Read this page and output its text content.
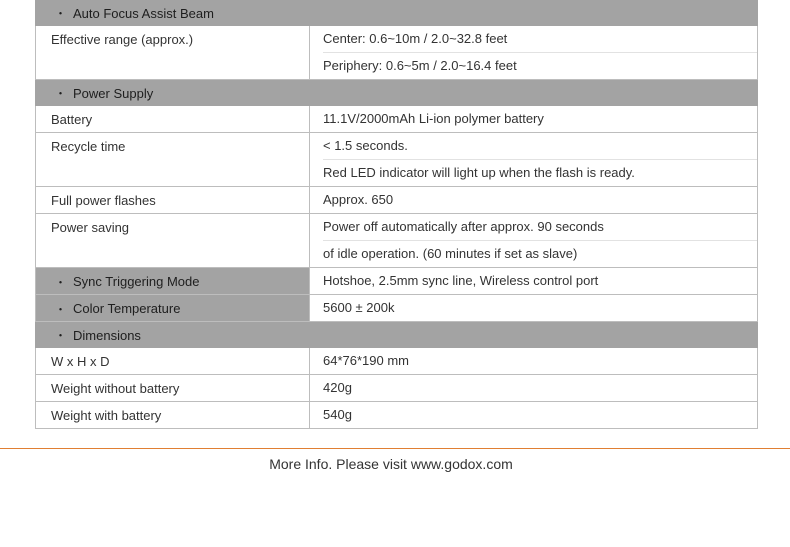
・ Auto Focus Assist Beam
Effective range (approx.)	Center: 0.6~10m / 2.0~32.8 feet
Periphery: 0.6~5m / 2.0~16.4 feet
・ Power Supply
Battery	11.1V/2000mAh Li-ion polymer battery
Recycle time	< 1.5 seconds.
Red LED indicator will light up when the flash is ready.
Full power flashes	Approx. 650
Power saving	Power off automatically after approx. 90 seconds
of idle operation. (60 minutes if set as slave)
・ Sync Triggering Mode	Hotshoe, 2.5mm sync line, Wireless control port
・ Color Temperature	5600 ± 200k
・ Dimensions
W x H x D	64*76*190 mm
Weight without battery	420g
Weight with battery	540g
More Info. Please visit www.godox.com
